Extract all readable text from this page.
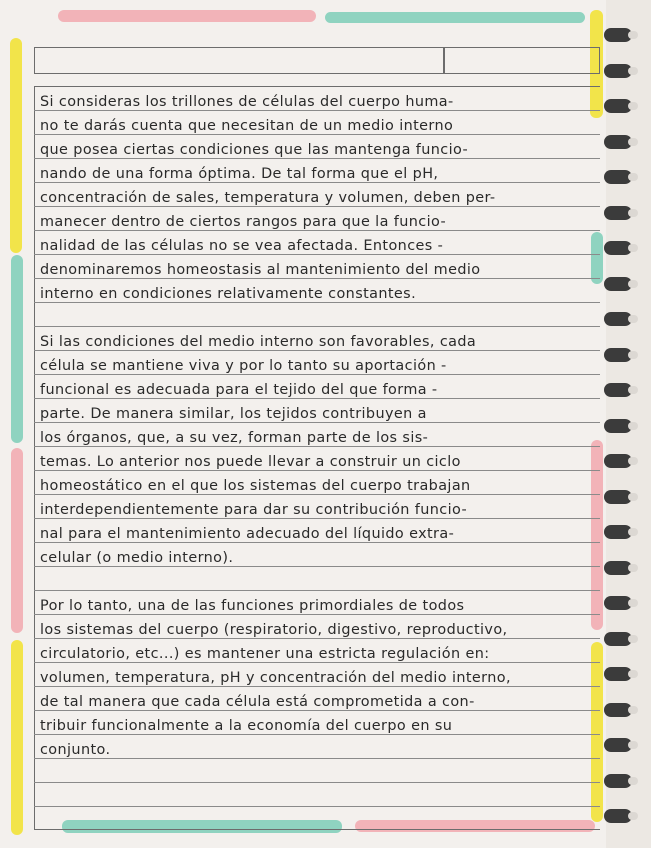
Si consideras los trillones de células del cuerpo huma-
no te darás cuenta que necesitan de un medio interno
que posea ciertas condiciones que las mantenga funcio-
nando de una forma óptima. De tal forma que el pH,
concentración de sales, temperatura y volumen, deben per-
manecer dentro de ciertos rangos para que la funcio-
nalidad de las células no se vea afectada. Entonces -
denominaremos homeostasis al mantenimiento del medio
interno en condiciones relativamente constantes.
Si las condiciones del medio interno son favorables, cada
célula se mantiene viva y por lo tanto su aportación -
funcional es adecuada para el tejido del que forma -
parte. De manera similar, los tejidos contribuyen a
los órganos, que, a su vez, forman parte de los sis-
temas. Lo anterior nos puede llevar a construir un ciclo
homeostático en el que los sistemas del cuerpo trabajan
interdependientemente para dar su contribución funcio-
nal para el mantenimiento adecuado del líquido extra-
celular (o medio interno).
Por lo tanto, una de las funciones primordiales de todos
los sistemas del cuerpo (respiratorio, digestivo, reproductivo,
circulatorio, etc...) es mantener una estricta regulación en:
volumen, temperatura, pH y concentración del medio interno,
de tal manera que cada célula está comprometida a con-
tribuir funcionalmente a la economía del cuerpo en su
conjunto.
